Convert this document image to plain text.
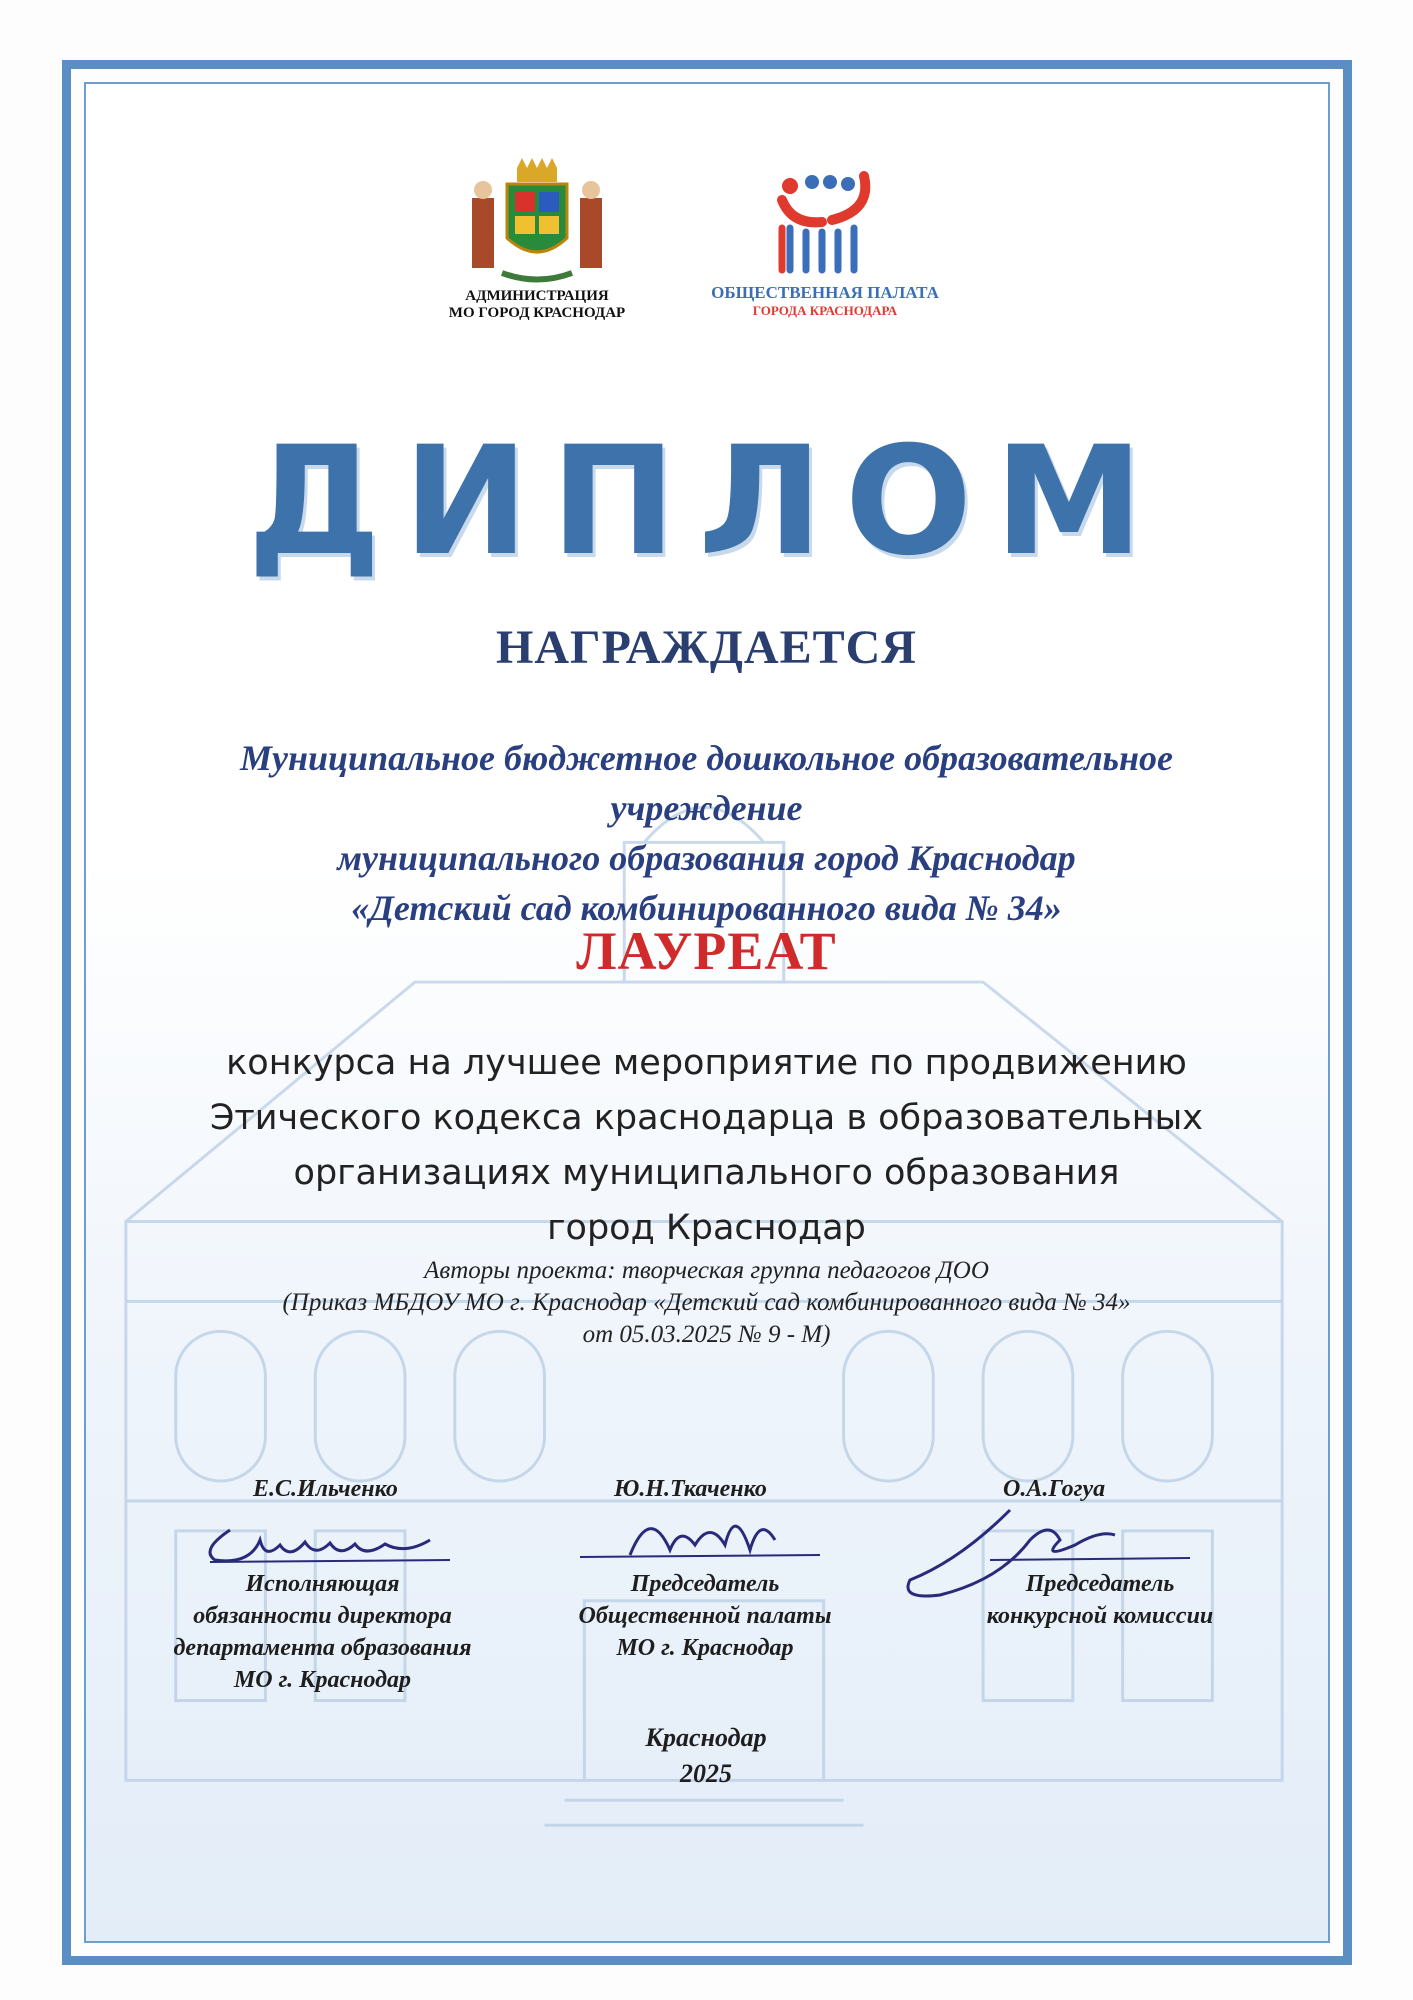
АДМИНИСТРАЦИЯ
МО ГОРОД КРАСНОДАР
ОБЩЕСТВЕННАЯ ПАЛАТА
ГОРОДА КРАСНОДАРА
ДИПЛОМ
НАГРАЖДАЕТСЯ
Муниципальное бюджетное дошкольное образовательное учреждение
муниципального образования город Краснодар
«Детский сад комбинированного вида № 34»
ЛАУРЕАТ
конкурса на лучшее мероприятие по продвижению
Этического кодекса краснодарца в образовательных
организациях муниципального образования
город Краснодар
Авторы проекта: творческая группа педагогов ДОО
(Приказ МБДОУ МО г. Краснодар «Детский сад комбинированного вида № 34»
от 05.03.2025 № 9 - М)
Е.С.Ильченко
Исполняющая
обязанности директора
департамента образования
МО г. Краснодар
Ю.Н.Ткаченко
Председатель
Общественной палаты
МО г. Краснодар
О.А.Гогуа
Председатель
конкурсной комиссии
Краснодар
2025
